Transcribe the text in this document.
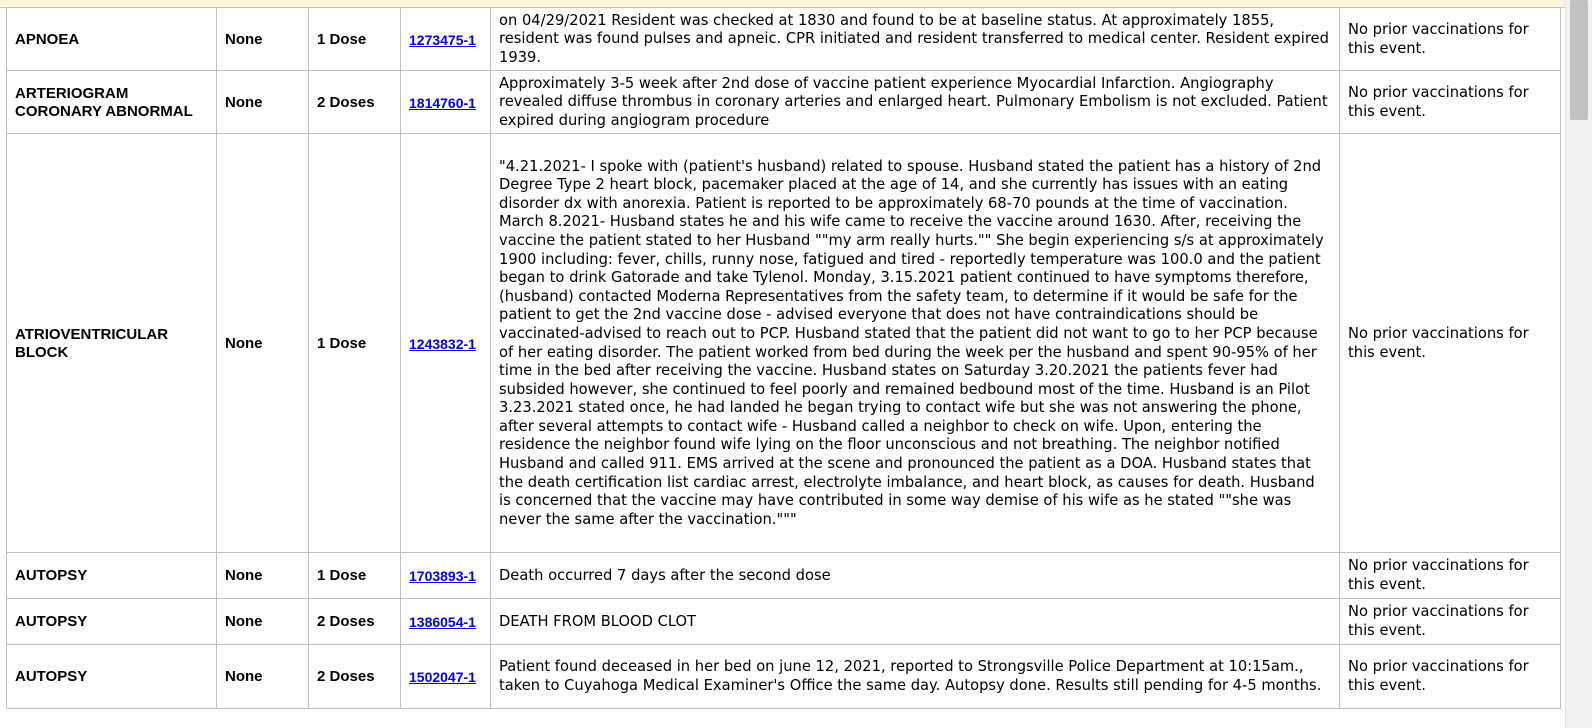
APNOEA	None	1 Dose	1273475-1	on 04/29/2021 Resident was checked at 1830 and found to be at baseline status. At approximately 1855, resident was found pulses and apneic. CPR initiated and resident transferred to medical center. Resident expired 1939.	No prior vaccinations for this event.
ARTERIOGRAM CORONARY ABNORMAL	None	2 Doses	1814760-1	Approximately 3-5 week after 2nd dose of vaccine patient experience Myocardial Infarction. Angiography revealed diffuse thrombus in coronary arteries and enlarged heart. Pulmonary Embolism is not excluded. Patient expired during angiogram procedure	No prior vaccinations for this event.
ATRIOVENTRICULAR BLOCK	None	1 Dose	1243832-1	"4.21.2021- I spoke with (patient's husband) related to spouse. Husband stated the patient has a history of 2nd Degree Type 2 heart block, pacemaker placed at the age of 14, and she currently has issues with an eating disorder dx with anorexia. Patient is reported to be approximately 68-70 pounds at the time of vaccination. March 8.2021- Husband states he and his wife came to receive the vaccine around 1630. After, receiving the vaccine the patient stated to her Husband ""my arm really hurts."" She begin experiencing s/s at approximately 1900 including: fever, chills, runny nose, fatigued and tired - reportedly temperature was 100.0 and the patient began to drink Gatorade and take Tylenol. Monday, 3.15.2021 patient continued to have symptoms therefore, (husband) contacted Moderna Representatives from the safety team, to determine if it would be safe for the patient to get the 2nd vaccine dose - advised everyone that does not have contraindications should be vaccinated-advised to reach out to PCP. Husband stated that the patient did not want to go to her PCP because of her eating disorder. The patient worked from bed during the week per the husband and spent 90-95% of her time in the bed after receiving the vaccine. Husband states on Saturday 3.20.2021 the patients fever had subsided however, she continued to feel poorly and remained bedbound most of the time. Husband is an Pilot 3.23.2021 stated once, he had landed he began trying to contact wife but she was not answering the phone, after several attempts to contact wife - Husband called a neighbor to check on wife. Upon, entering the residence the neighbor found wife lying on the floor unconscious and not breathing. The neighbor notified Husband and called 911. EMS arrived at the scene and pronounced the patient as a DOA. Husband states that the death certification list cardiac arrest, electrolyte imbalance, and heart block, as causes for death. Husband is concerned that the vaccine may have contributed in some way demise of his wife as he stated ""she was never the same after the vaccination."""	No prior vaccinations for this event.
AUTOPSY	None	1 Dose	1703893-1	Death occurred 7 days after the second dose	No prior vaccinations for this event.
AUTOPSY	None	2 Doses	1386054-1	DEATH FROM BLOOD CLOT	No prior vaccinations for this event.
AUTOPSY	None	2 Doses	1502047-1	Patient found deceased in her bed on june 12, 2021, reported to Strongsville Police Department at 10:15am., taken to Cuyahoga Medical Examiner's Office the same day. Autopsy done. Results still pending for 4-5 months.	No prior vaccinations for this event.
